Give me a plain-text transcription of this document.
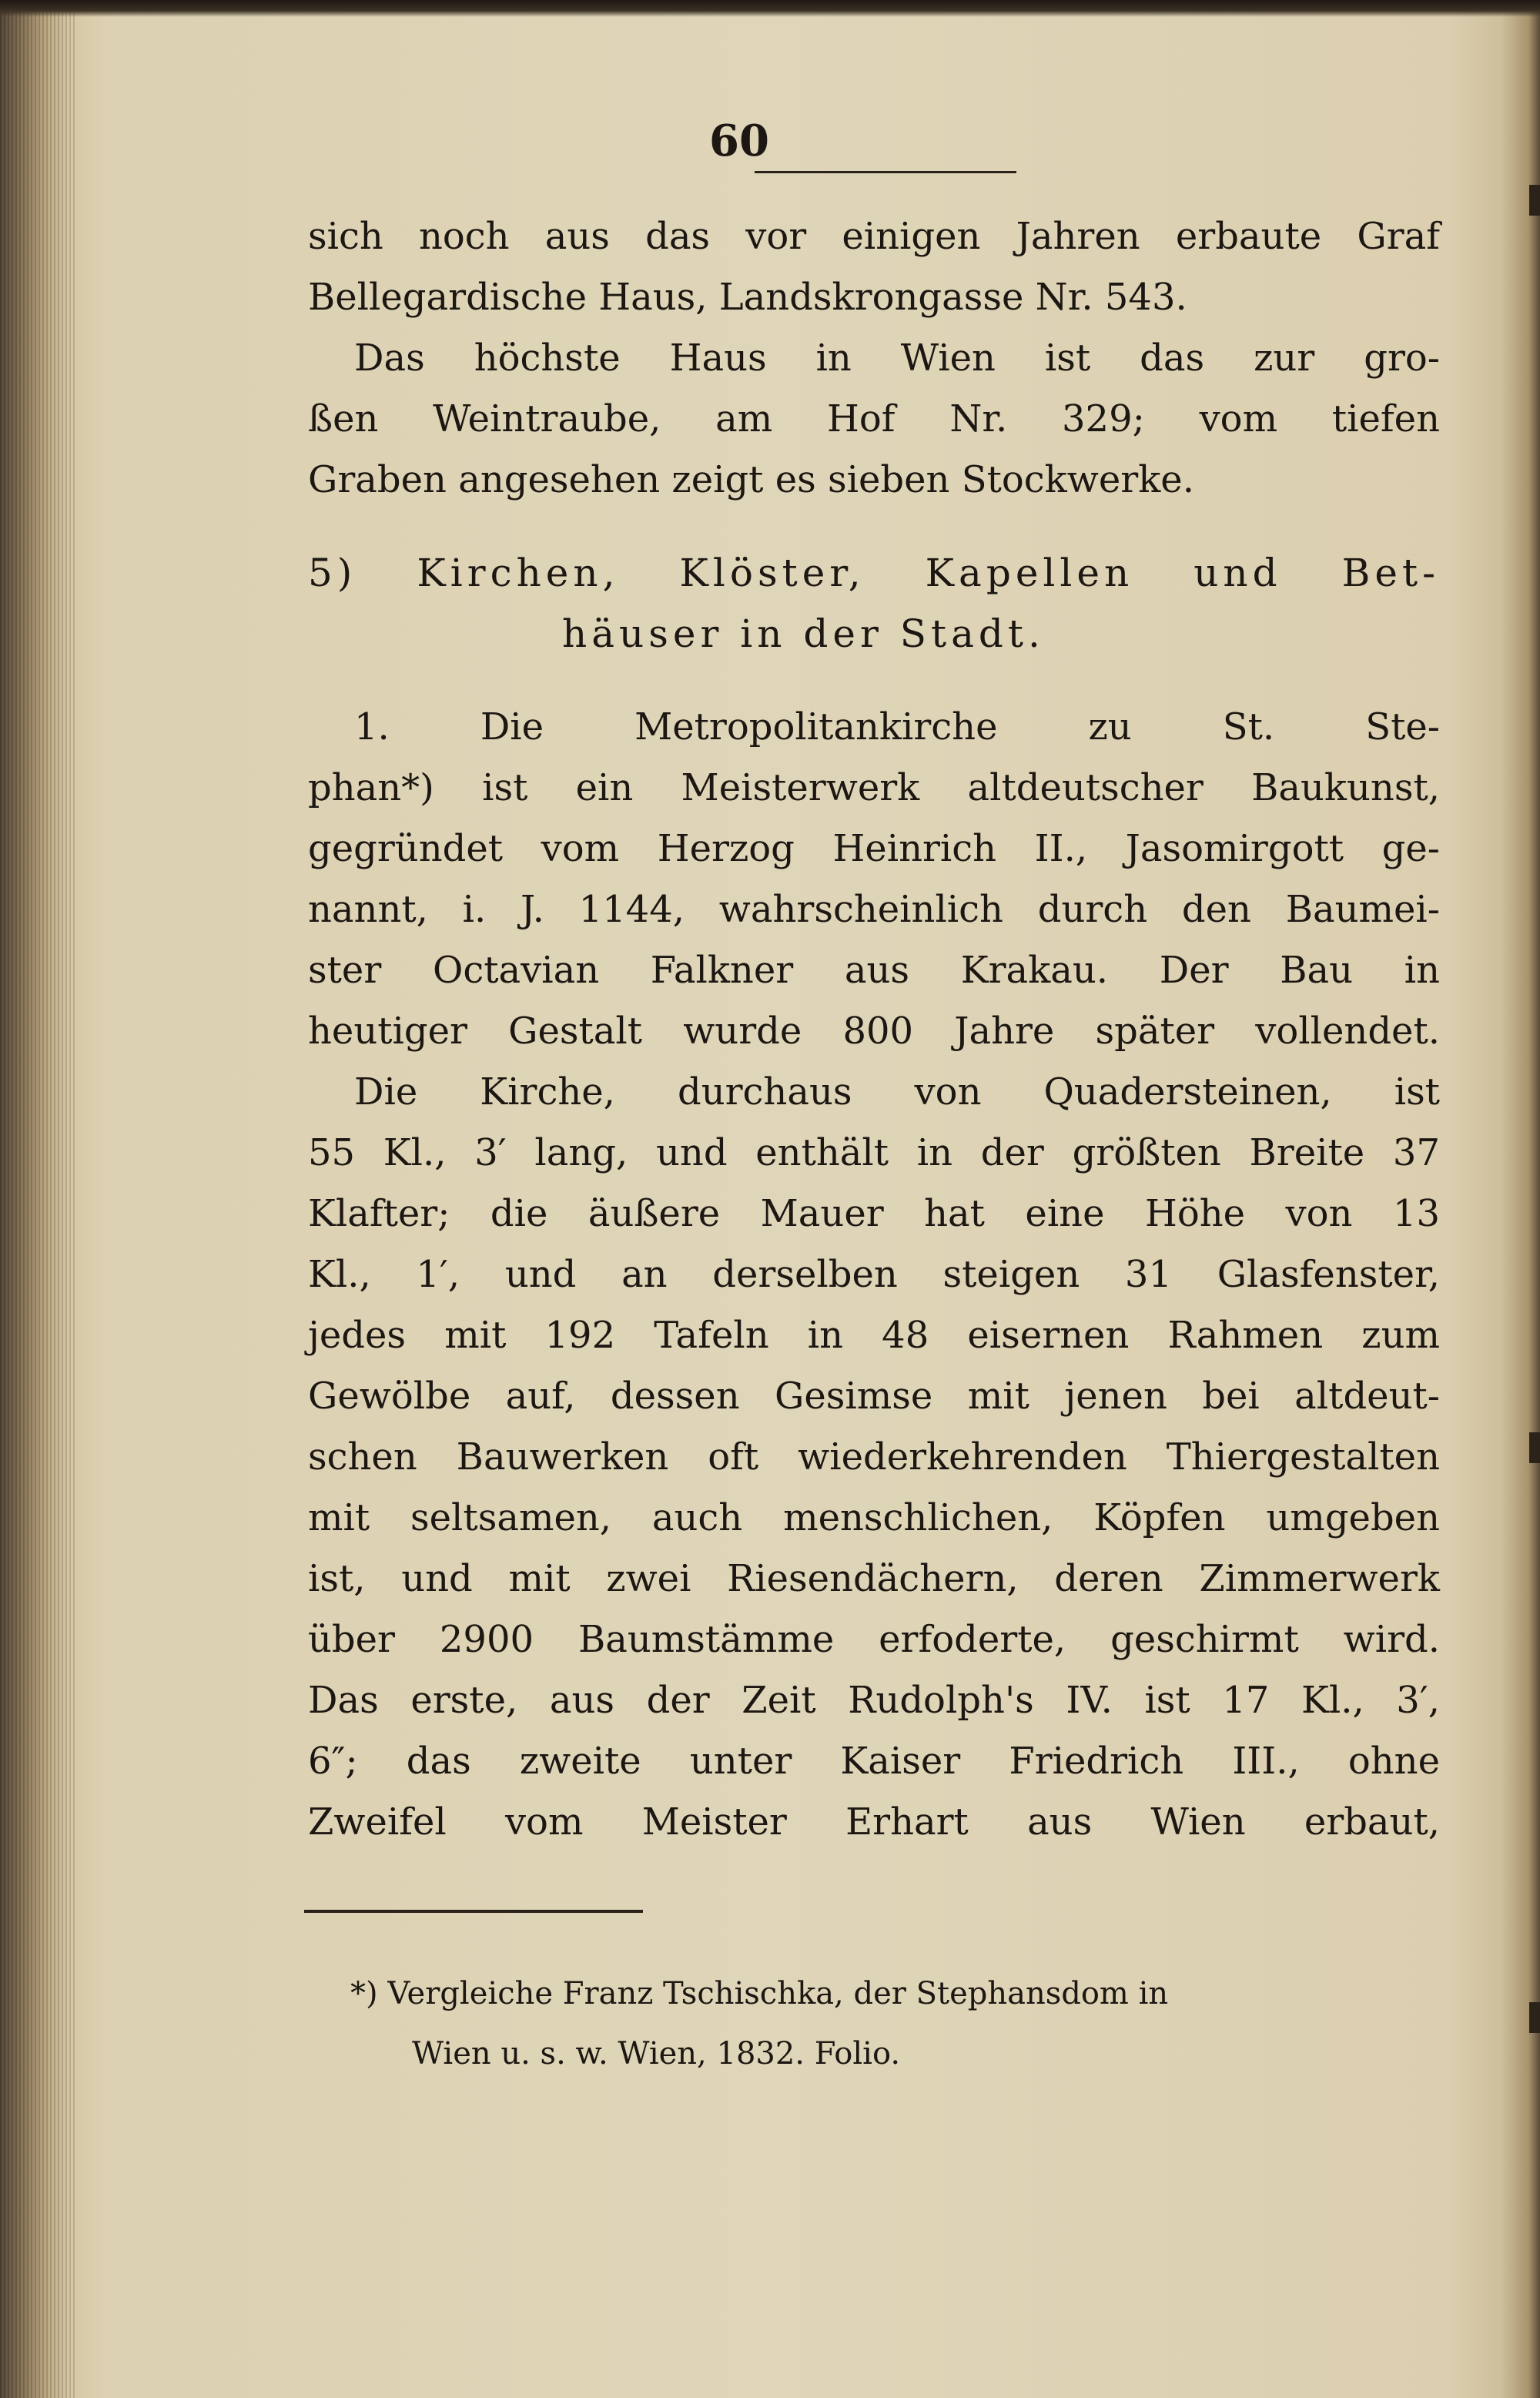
60
sich noch aus das vor einigen Jahren erbaute Graf
Bellegardische Haus, Landskrongasse Nr. 543.
Das höchste Haus in Wien ist das zur gro-
ßen Weintraube, am Hof Nr. 329; vom tiefen
Graben angesehen zeigt es sieben Stockwerke.
5) Kirchen, Klöster, Kapellen und Bet-
häuser in der Stadt.
1. Die Metropolitankirche zu St. Ste-
phan*) ist ein Meisterwerk altdeutscher Baukunst,
gegründet vom Herzog Heinrich II., Jasomirgott ge-
nannt, i. J. 1144, wahrscheinlich durch den Baumei-
ster Octavian Falkner aus Krakau. Der Bau in
heutiger Gestalt wurde 800 Jahre später vollendet.
Die Kirche, durchaus von Quadersteinen, ist
55 Kl., 3′ lang, und enthält in der größten Breite 37
Klafter; die äußere Mauer hat eine Höhe von 13
Kl., 1′, und an derselben steigen 31 Glasfenster,
jedes mit 192 Tafeln in 48 eisernen Rahmen zum
Gewölbe auf, dessen Gesimse mit jenen bei altdeut-
schen Bauwerken oft wiederkehrenden Thiergestalten
mit seltsamen, auch menschlichen, Köpfen umgeben
ist, und mit zwei Riesendächern, deren Zimmerwerk
über 2900 Baumstämme erfoderte, geschirmt wird.
Das erste, aus der Zeit Rudolph's IV. ist 17 Kl., 3′,
6″; das zweite unter Kaiser Friedrich III., ohne
Zweifel vom Meister Erhart aus Wien erbaut,
*) Vergleiche Franz Tschischka, der Stephansdom in
Wien u. s. w. Wien, 1832. Folio.
